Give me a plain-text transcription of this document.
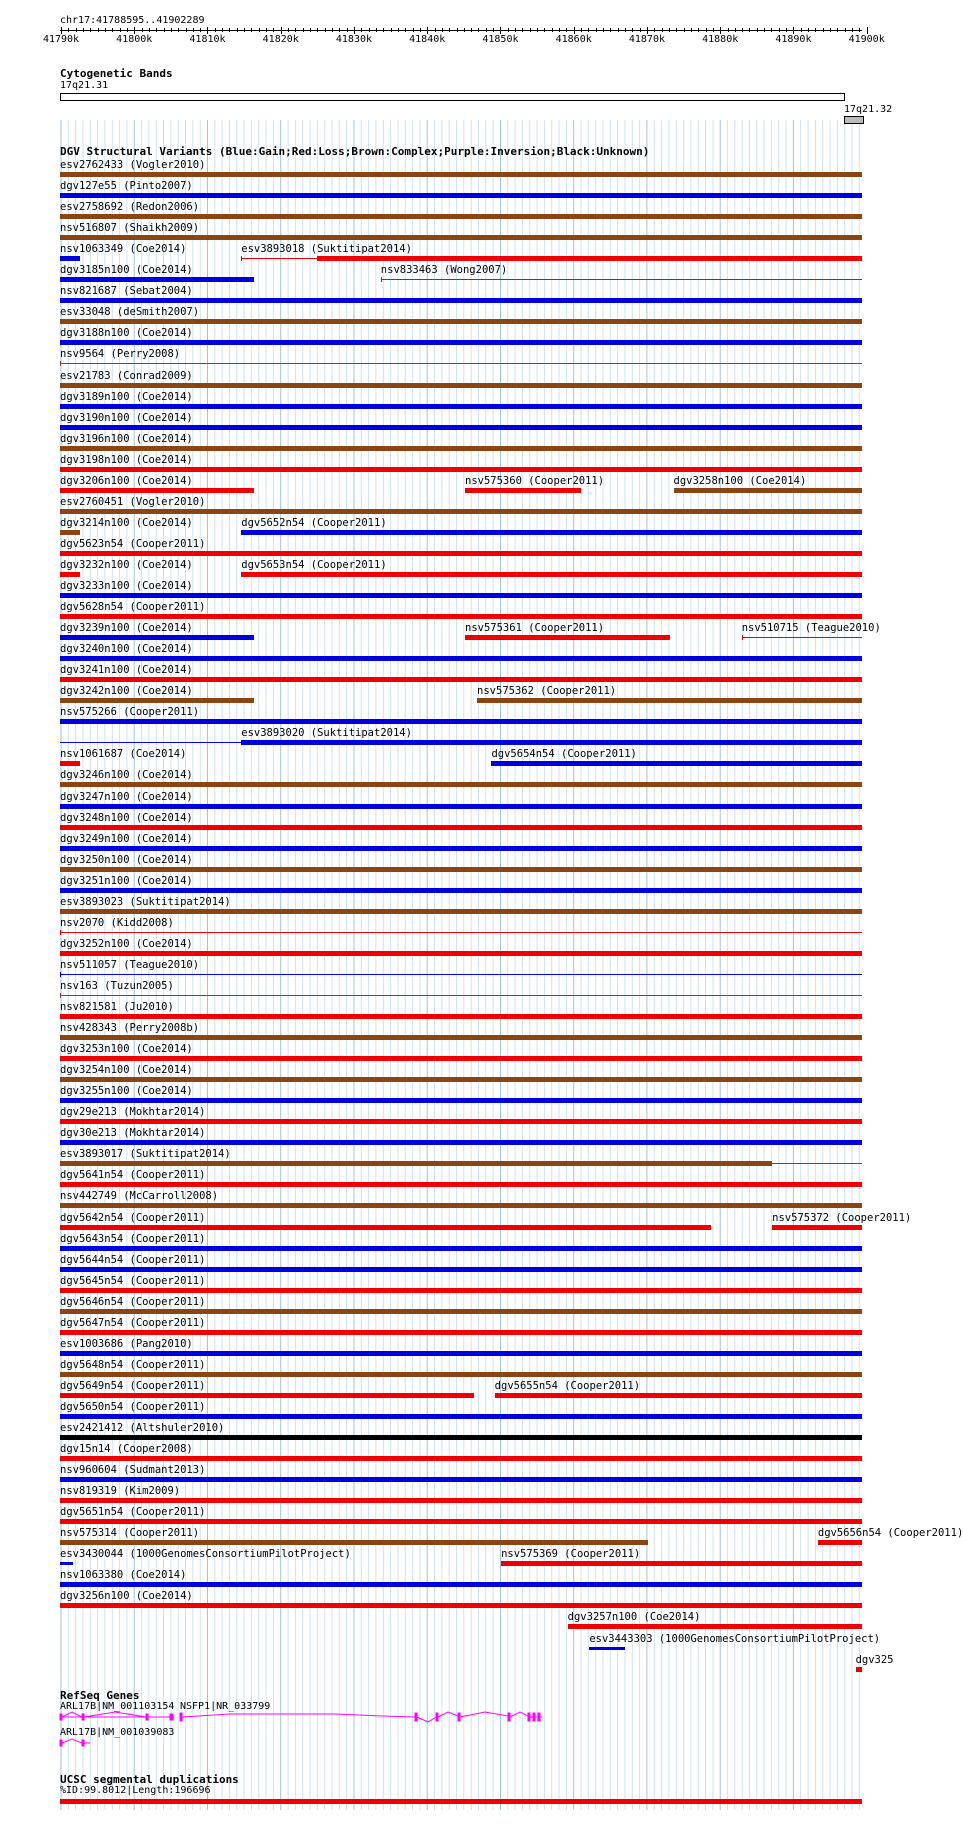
chr17:41788595..41902289
41790k	41800k	41810k	41820k	41830k	41840k	41850k	41860k	41870k	41880k	41890k	41900k
Cytogenetic Bands
17q21.31
17q21.32
DGV Structural Variants (Blue:Gain;Red:Loss;Brown:Complex;Purple:Inversion;Black:Unknown)
esv2762433 (Vogler2010)
dgv127e55 (Pinto2007)
esv2758692 (Redon2006)
nsv516807 (Shaikh2009)
nsv1063349 (Coe2014)	esv3893018 (Suktitipat2014)
dgv3185n100 (Coe2014)	nsv833463 (Wong2007)
nsv821687 (Sebat2004)
esv33048 (deSmith2007)
dgv3188n100 (Coe2014)
nsv9564 (Perry2008)
esv21783 (Conrad2009)
dgv3189n100 (Coe2014)
dgv3190n100 (Coe2014)
dgv3196n100 (Coe2014)
dgv3198n100 (Coe2014)
dgv3206n100 (Coe2014)	nsv575360 (Cooper2011)	dgv3258n100 (Coe2014)
esv2760451 (Vogler2010)
dgv3214n100 (Coe2014)	dgv5652n54 (Cooper2011)
dgv5623n54 (Cooper2011)
dgv3232n100 (Coe2014)	dgv5653n54 (Cooper2011)
dgv3233n100 (Coe2014)
dgv5628n54 (Cooper2011)
dgv3239n100 (Coe2014)	nsv575361 (Cooper2011)	nsv510715 (Teague2010)
dgv3240n100 (Coe2014)
dgv3241n100 (Coe2014)
dgv3242n100 (Coe2014)	nsv575362 (Cooper2011)
nsv575266 (Cooper2011)
esv3893020 (Suktitipat2014)
nsv1061687 (Coe2014)	dgv5654n54 (Cooper2011)
dgv3246n100 (Coe2014)
dgv3247n100 (Coe2014)
dgv3248n100 (Coe2014)
dgv3249n100 (Coe2014)
dgv3250n100 (Coe2014)
dgv3251n100 (Coe2014)
esv3893023 (Suktitipat2014)
nsv2070 (Kidd2008)
dgv3252n100 (Coe2014)
nsv511057 (Teague2010)
nsv163 (Tuzun2005)
nsv821581 (Ju2010)
nsv428343 (Perry2008b)
dgv3253n100 (Coe2014)
dgv3254n100 (Coe2014)
dgv3255n100 (Coe2014)
dgv29e213 (Mokhtar2014)
dgv30e213 (Mokhtar2014)
esv3893017 (Suktitipat2014)
dgv5641n54 (Cooper2011)
nsv442749 (McCarroll2008)
dgv5642n54 (Cooper2011)	nsv575372 (Cooper2011)
dgv5643n54 (Cooper2011)
dgv5644n54 (Cooper2011)
dgv5645n54 (Cooper2011)
dgv5646n54 (Cooper2011)
dgv5647n54 (Cooper2011)
esv1003686 (Pang2010)
dgv5648n54 (Cooper2011)
dgv5649n54 (Cooper2011)	dgv5655n54 (Cooper2011)
dgv5650n54 (Cooper2011)
esv2421412 (Altshuler2010)
dgv15n14 (Cooper2008)
nsv960604 (Sudmant2013)
nsv819319 (Kim2009)
dgv5651n54 (Cooper2011)
nsv575314 (Cooper2011)	dgv5656n54 (Cooper2011)
esv3430044 (1000GenomesConsortiumPilotProject)	nsv575369 (Cooper2011)
nsv1063380 (Coe2014)
dgv3256n100 (Coe2014)
dgv3257n100 (Coe2014)
esv3443303 (1000GenomesConsortiumPilotProject)
dgv325
RefSeq Genes
ARL17B|NM_001103154 NSFP1|NR_033799
ARL17B|NM_001039083
UCSC segmental duplications
%ID:99.8012|Length:196696
